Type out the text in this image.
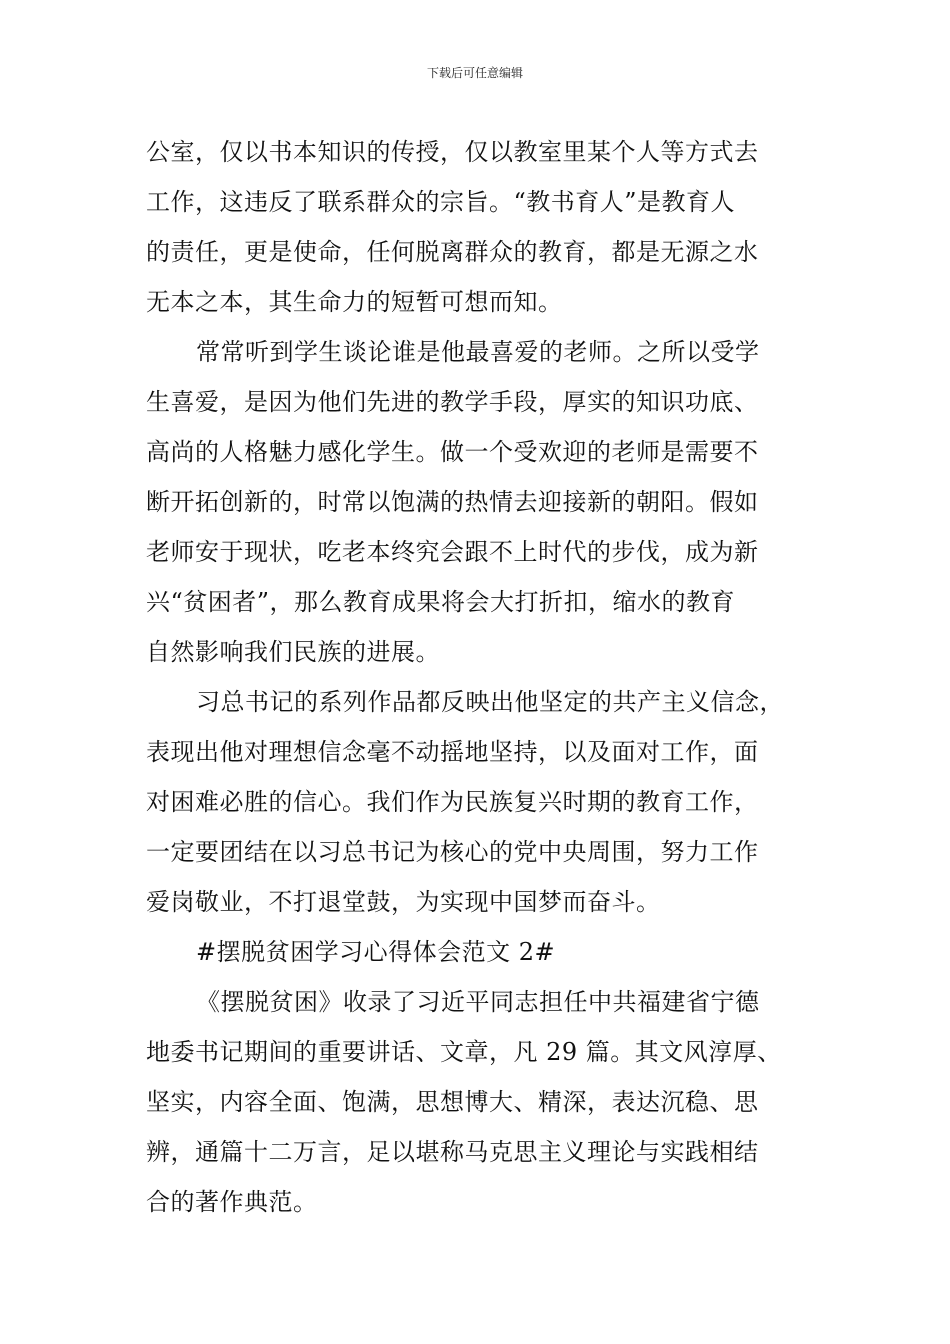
下载后可任意编辑
公室，仅以书本知识的传授，仅以教室里某个人等方式去
工作，这违反了联系群众的宗旨。“教书育人”是教育人
的责任，更是使命，任何脱离群众的教育，都是无源之水
无本之本，其生命力的短暂可想而知。
常常听到学生谈论谁是他最喜爱的老师。之所以受学
生喜爱，是因为他们先进的教学手段，厚实的知识功底、
高尚的人格魅力感化学生。做一个受欢迎的老师是需要不
断开拓创新的，时常以饱满的热情去迎接新的朝阳。假如
老师安于现状，吃老本终究会跟不上时代的步伐，成为新
兴“贫困者”，那么教育成果将会大打折扣，缩水的教育
自然影响我们民族的进展。
习总书记的系列作品都反映出他坚定的共产主义信念，
表现出他对理想信念毫不动摇地坚持，以及面对工作，面
对困难必胜的信心。我们作为民族复兴时期的教育工作，
一定要团结在以习总书记为核心的党中央周围，努力工作
爱岗敬业，不打退堂鼓，为实现中国梦而奋斗。
#摆脱贫困学习心得体会范文 2#
《摆脱贫困》收录了习近平同志担任中共福建省宁德
地委书记期间的重要讲话、文章，凡 29 篇。其文风淳厚、
坚实，内容全面、饱满，思想博大、精深，表达沉稳、思
辨，通篇十二万言，足以堪称马克思主义理论与实践相结
合的著作典范。
